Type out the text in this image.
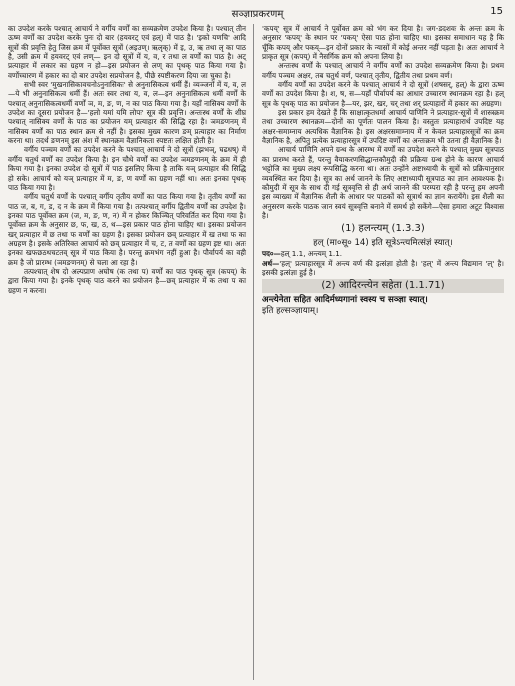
सञ्ज्ञाप्रकरणम्	15

का उपदेश करके पश्चात् आचार्य ने वर्गीय वर्णों का सव्यक्रमेण उपदेश किया है। पश्चात् तीन ऊष्म वर्णों का उपदेश करके पुनः दो बार (हयवरट् एवं हल्) में पाठ है। 'इको यणचि' आदि सूत्रों की प्रवृत्ति हेतु जिस क्रम में पूर्वोक्त सूत्रों (अइउण्। ऋलृक्) में इ, उ, ऋ तथा लृ का पाठ है, उसी क्रम में हयवरट् एवं लण्— इन दो सूत्रों में य, व, र तथा ल वर्णों का पाठ है। अट् प्रत्याहार में लकार का ग्रहण न हो—इस प्रयोजन से लण् का पृथक् पाठ किया गया है। वर्णोच्चारण में हकार का दो बार उपदेश सप्रयोजन है, पीछे स्पष्टीकरण दिया जा चुका है।

सभी स्वर 'मुखनासिकावचनोऽनुनासिकः' से अनुनासिकत्व धर्मी हैं। व्यञ्जनों में य, व, ल—ये भी अनुनासिकत्व धर्मी हैं। अतः स्वर तथा य, व, ल—इन अनुनासिकत्व धर्मी वर्णों के पश्चात् अनुनासिकत्वधर्मी वर्णों ञ, म, ङ, ण, न का पाठ किया गया है। यहाँ नासिक्य वर्णों के उपदेश का दूसरा प्रयोजन है—'हलो यमां यमि लोपः' सूत्र की प्रवृत्ति। अन्तःस्थ वर्णों के शीघ्र पश्चात् नासिक्य वर्णों के पाठ का प्रयोजन यम् प्रत्याहार की सिद्धि रहा है। ञमङणनम् में नासिक्य वर्णों का पाठ स्थान क्रम से नहीं है। इसका मुख्य कारण ङम् प्रत्याहार का निर्माण करना था। तदर्थ ङणनम् इस अंश में स्थानक्रम वैज्ञानिकता स्पष्टतः लक्षित होती है।

वर्गीय पञ्चम वर्णों का उपदेश करने के पश्चात् आचार्य ने दो सूत्रों (झभञ्, घढधष्) में वर्गीय चतुर्थ वर्णों का उपदेश किया है। इन चौथे वर्णों का उपदेश ञमङणनम् के क्रम में ही किया गया है। इनका उपदेश दो सूत्रों में पाठ इसलिए किया है ताकि यञ् प्रत्याहार की सिद्धि हो सके। आचार्य को यञ् प्रत्याहार में म, ङ, ण वर्णों का ग्रहण नहीं था। अतः इनका पृथक् पाठ किया गया है।

वर्गीय चतुर्थ वर्णों के पश्चात् वर्गीय तृतीय वर्णों का पाठ किया गया है। तृतीय वर्णों का पाठ ज, ब, ग, ड, द न के क्रम में किया गया है। तत्पश्चात् वर्गीय द्वितीय वर्णों का उपदेश है। इनका पाठ पूर्वोक्त क्रम (ज, म, ङ, ण, न) में न होकर किञ्चित् परिवर्तित कर दिया गया है। पूर्वोक्त क्रम के अनुसार छ, फ, ख, ठ, थ—इस प्रकार पाठ होना चाहिए था। इसका प्रयोजन खर् प्रत्याहार में छ तथा फ वर्णों का ग्रहण है। इसका प्रयोजन छव् प्रत्याहार में ख तथा फ का अग्रहण है। इसके अतिरिक्त आचार्य को छव् प्रत्याहार में च, ट, त वर्णों का ग्रहण इष्ट था। अतः इनका खफछठथचटतव् सूत्र में पाठ किया है। परन्तु क्रमभंग नहीं हुआ है। पौर्वापर्य का वही क्रम है जो प्रारम्भ (ञमङणनम्) से चला आ रहा है।

तत्पश्चात् शेष दो अल्पप्राण अघोष (क तथा प) वर्णों का पाठ पृथक् सूत्र (कपय्) के द्वारा किया गया है। इनके पृथक् पाठ करने का प्रयोजन है—छव् प्रत्याहार में क तथा प का ग्रहण न करना।

'कपय्' सूत्र में आचार्य ने पूर्वोक्त क्रम को भंग कर दिया है। जग-डदशवः के अन्तः क्रम के अनुसार 'कपय्' के स्थान पर 'पकय्' ऐसा पाठ होना चाहिए था। इसका समाधान यह है कि चूँकि कपय् और पकय्—इन दोनों प्रकार के न्यासों में कोई अन्तर नहीं पड़ता है। अतः आचार्य ने प्राकृत सूत्र (कपय्) में नैसर्गिक क्रम को अपना लिया है।

अन्तःस्थ वर्णों के पश्चात् आचार्य ने वर्गीय वर्णों का उपदेश सव्यक्रमेण किया है। प्रथम वर्गीय पञ्चम अक्षर, तब चतुर्थ वर्ण, पश्चात् तृतीय, द्वितीय तथा प्रथम वर्ण।

वर्गीय वर्णों का उपदेश करने के पश्चात् आचार्य ने दो सूत्रों (शषसर्, हल्) के द्वारा ऊष्म वर्णों का उपदेश किया है। श, ष, स—यहाँ पौर्वापर्य का आधार उच्चारण स्थानक्रम रहा है। हल् सूत्र के पृथक् पाठ का प्रयोजन है—यर, झर, खर, चर् तथा शर् प्रत्याहारों में हकार का अग्रहण।

इस प्रकार हम देखते हैं कि साक्षात्कृतधर्मा आचार्य पाणिनि ने प्रत्याहार-सूत्रों में शास्त्रक्रम तथा उच्चारण स्थानक्रम—दोनों का पूर्णतः पालन किया है। वस्तुतः प्रत्याहारार्थ उपदिष्ट यह अक्षर-समाम्नाय अत्यधिक वैज्ञानिक है। इस अक्षरसमाम्नाय में न केवल प्रत्याहारसूत्रों का क्रम वैज्ञानिक है, अपितु प्रत्येक प्रत्याहारसूत्र में उपदिष्ट वर्णों का अन्तःक्रम भी उतना ही वैज्ञानिक है।

आचार्य पाणिनि अपने ग्रन्थ के आरम्भ में वर्णों का उपदेश करने के पश्चात् मुख्य सूत्रपाठ का प्रारम्भ करते हैं, परन्तु वैयाकरणसिद्धान्तकौमुदी की प्रक्रिया ग्रन्थ होने के कारण आचार्य भट्टोजि का मुख्य लक्ष्य रूपसिद्धि करना था। अतः उन्होंने अष्टाध्यायी के सूत्रों को प्रक्रियानुसार व्यवस्थित कर दिया है। सूत्र का अर्थ जानने के लिए अष्टाध्यायी सूत्रपाठ का ज्ञान आवश्यक है। कौमुदी में सूत्र के साथ दी गई सूत्रवृत्ति से ही अर्थ जानने की परम्परा रही है परन्तु हम अपनी इस व्याख्या में वैज्ञानिक शैली के आधार पर पाठकों को सूत्रार्थ का ज्ञान करायेंगे। इस शैली का अनुसरण करके पाठक जान स्वयं सूत्रवृत्ति बनाने में समर्थ हो सकेंगे—ऐसा हमारा अटूट विश्वास है।

(1) हलन्त्यम् (1.3.3)

हल् (मा०सू० 14) इति सूत्रेऽन्त्यमित्संज्ञं स्यात्।

पद०—हल् 1.1, अन्त्यम् 1.1.

अर्थ—'हल्' प्रत्याहारसूत्र में अन्त्य वर्ण की इत्संज्ञा होती है। 'हल्' में अन्त्य विद्यमान 'ल्' है। इसकी इत्संज्ञा हुई है।

(2) आदिरन्त्येन सहेता (1.1.71)

अन्त्येनेता सहित आदिर्मध्यगानां स्वस्य च सञ्ज्ञा स्यात्।

इति हल्सञ्ज्ञायाम्।
